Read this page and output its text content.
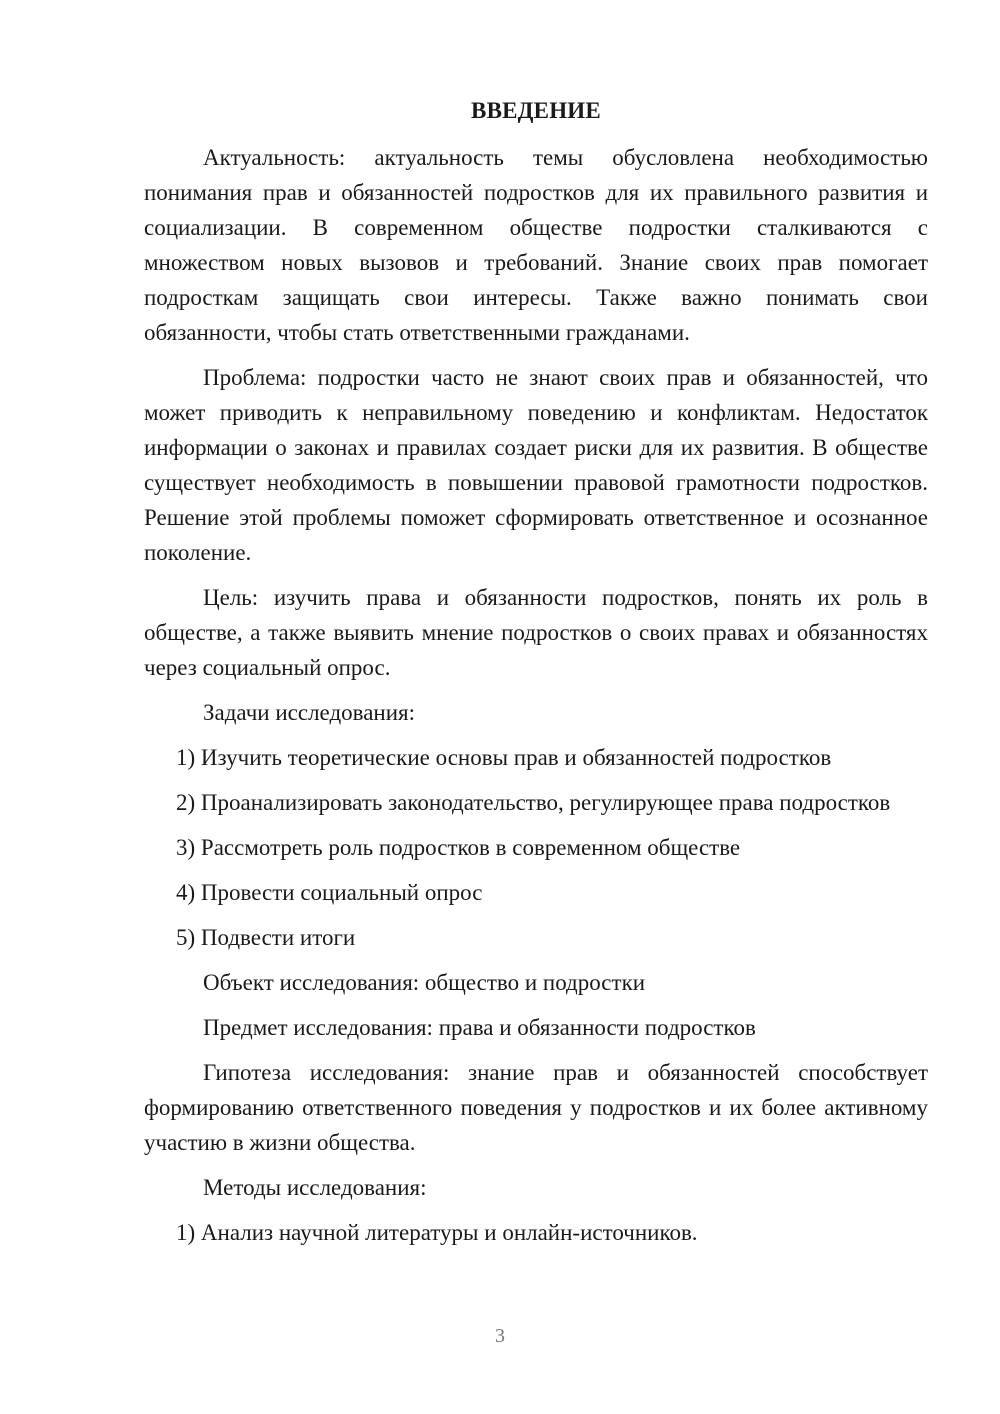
ВВЕДЕНИЕ

Актуальность: актуальность темы обусловлена необходимостью понимания прав и обязанностей подростков для их правильного развития и социализации. В современном обществе подростки сталкиваются с множеством новых вызовов и требований. Знание своих прав помогает подросткам защищать свои интересы. Также важно понимать свои обязанности, чтобы стать ответственными гражданами.

Проблема: подростки часто не знают своих прав и обязанностей, что может приводить к неправильному поведению и конфликтам. Недостаток информации о законах и правилах создает риски для их развития. В обществе существует необходимость в повышении правовой грамотности подростков. Решение этой проблемы поможет сформировать ответственное и осознанное поколение.

Цель: изучить права и обязанности подростков, понять их роль в обществе, а также выявить мнение подростков о своих правах и обязанностях через социальный опрос.

Задачи исследования:

1) Изучить теоретические основы прав и обязанностей подростков

2) Проанализировать законодательство, регулирующее права подростков

3) Рассмотреть роль подростков в современном обществе

4) Провести социальный опрос

5) Подвести итоги

Объект исследования: общество и подростки

Предмет исследования: права и обязанности подростков

Гипотеза исследования: знание прав и обязанностей способствует формированию ответственного поведения у подростков и их более активному участию в жизни общества.

Методы исследования:

1) Анализ научной литературы и онлайн-источников.

3
